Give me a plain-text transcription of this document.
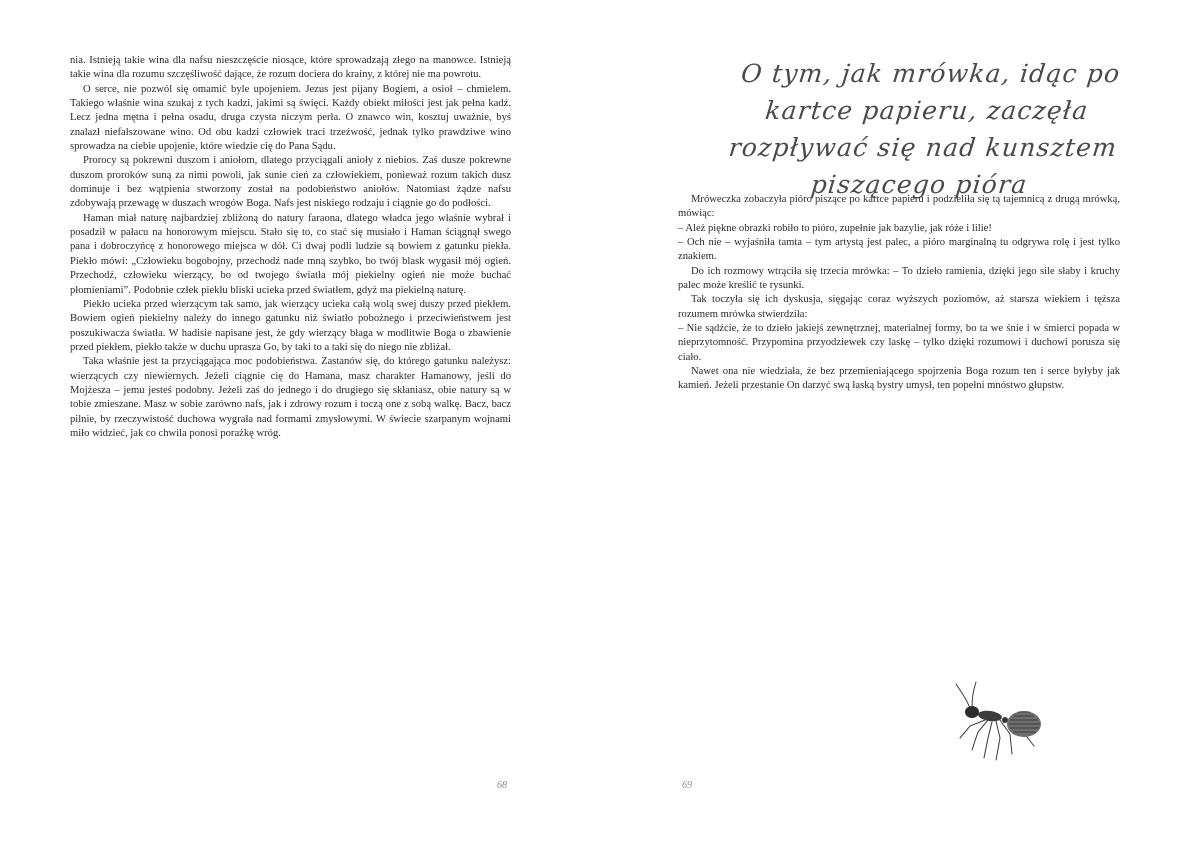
nia. Istnieją takie wina dla nafsu nieszczęście niosące, które sprowadzają złego na manowce. Istnieją takie wina dla rozumu szczęśliwość dające, że rozum dociera do krainy, z której nie ma powrotu.

O serce, nie pozwól się omamić byle upojeniem. Jezus jest pijany Bogiem, a osioł – chmielem. Takiego właśnie wina szukaj z tych kadzi, jakimi są święci. Każdy obiekt miłości jest jak pełna kadź. Lecz jedna mętna i pełna osadu, druga czysta niczym perła. O znawco win, kosztuj uważnie, byś znalazł niefałszowane wino. Od obu kadzi człowiek traci trzeźwość, jednak tylko prawdziwe wino sprowadza na ciebie upojenie, które wiedzie cię do Pana Sądu.

Prorocy są pokrewni duszom i aniołom, dlatego przyciągali anioły z niebios. Zaś dusze pokrewne duszom proroków suną za nimi powoli, jak sunie cień za człowiekiem, ponieważ rozum takich dusz dominuje i bez wątpienia stworzony został na podobieństwo aniołów. Natomiast żądze nafsu zdobywają przewagę w duszach wrogów Boga. Nafs jest niskiego rodzaju i ciągnie go do podłości.

Haman miał naturę najbardziej zbliżoną do natury faraona, dlatego władca jego właśnie wybrał i posadził w pałacu na honorowym miejscu. Stało się to, co stać się musiało i Haman ściągnął swego pana i dobroczyńcę z honorowego miejsca w dół. Ci dwaj podli ludzie są bowiem z gatunku piekła. Piekło mówi: „Człowieku bogobojny, przechodź nade mną szybko, bo twój blask wygasił mój ogień. Przechodź, człowieku wierzący, bo od twojego światła mój piekielny ogień nie może buchać płomieniami”. Podobnie człek piekłu bliski ucieka przed światłem, gdyż ma piekielną naturę.

Piekło ucieka przed wierzącym tak samo, jak wierzący ucieka całą wolą swej duszy przed piekłem. Bowiem ogień piekielny należy do innego gatunku niż światło pobożnego i przeciwieństwem jest poszukiwacza światła. W hadisie napisane jest, że gdy wierzący błaga w modlitwie Boga o zbawienie przed piekłem, piekło także w duchu uprasza Go, by taki to a taki się do niego nie zbliżał.

Taka właśnie jest ta przyciągająca moc podobieństwa. Zastanów się, do którego gatunku należysz: wierzących czy niewiernych. Jeżeli ciągnie cię do Hamana, masz charakter Hamanowy, jeśli do Mojżesza – jemu jesteś podobny. Jeżeli zaś do jednego i do drugiego się skłaniasz, obie natury są w tobie zmieszane. Masz w sobie zarówno nafs, jak i zdrowy rozum i toczą one z sobą walkę. Bacz, bacz pilnie, by rzeczywistość duchowa wygrała nad formami zmysłowymi. W świecie szarpanym wojnami miło widzieć, jak co chwila ponosi porażkę wróg.

68
O tym, jak mrówka, idąc po kartce papieru, zaczęła rozpływać się nad kunsztem piszącego pióra

Mróweczka zobaczyła pióro piszące po kartce papieru i podzieliła się tą tajemnicą z drugą mrówką, mówiąc:

– Ależ piękne obrazki robiło to pióro, zupełnie jak bazylie, jak róże i lilie!

– Och nie – wyjaśniła tamta – tym artystą jest palec, a pióro marginalną tu odgrywa rolę i jest tylko znakiem.

Do ich rozmowy wtrąciła się trzecia mrówka: – To dzieło ramienia, dzięki jego sile słaby i kruchy palec może kreślić te rysunki.

Tak toczyła się ich dyskusja, sięgając coraz wyższych poziomów, aż starsza wiekiem i tęższa rozumem mrówka stwierdziła:

– Nie sądźcie, że to dzieło jakiejś zewnętrznej, materialnej formy, bo ta we śnie i w śmierci popada w nieprzytomność. Przypomina przyodziewek czy laskę – tylko dzięki rozumowi i duchowi porusza się ciało.

Nawet ona nie wiedziała, że bez przemieniającego spojrzenia Boga rozum ten i serce byłyby jak kamień. Jeżeli przestanie On darzyć swą łaską bystry umysł, ten popełni mnóstwo głupstw.

69
